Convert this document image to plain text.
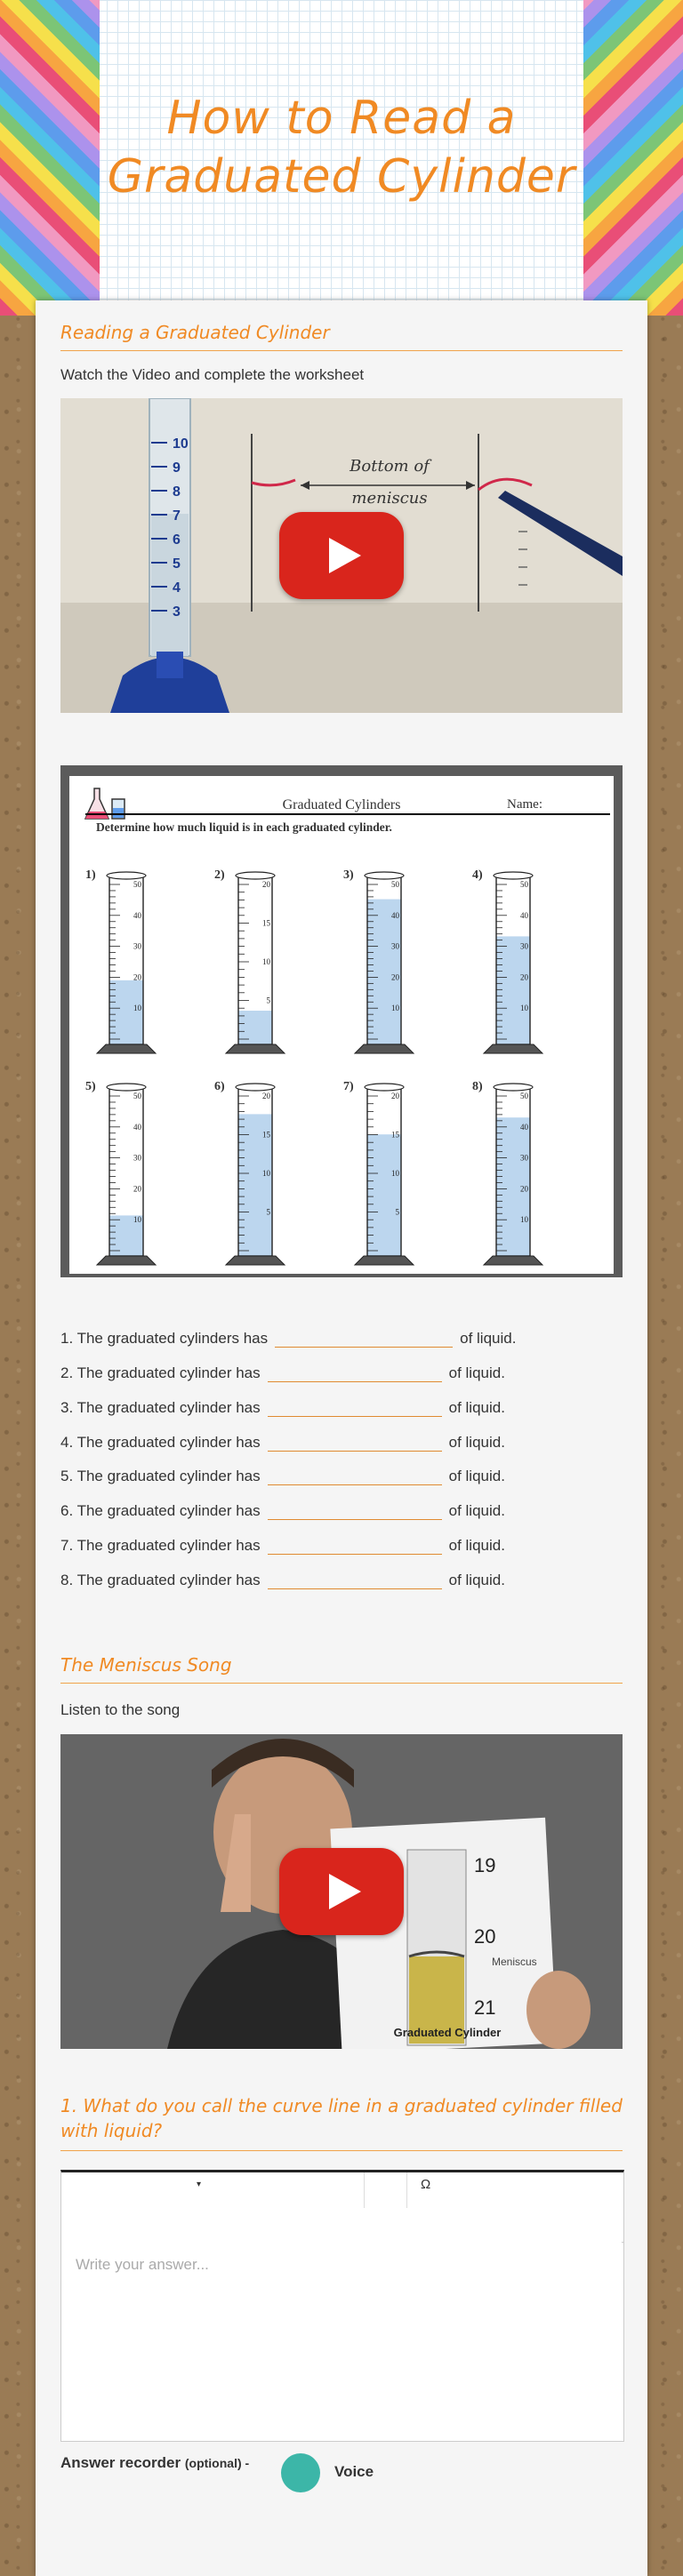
How to Read a
Graduated Cylinder
Reading a Graduated Cylinder
Watch the Video and complete the worksheet
10
9
8
7
6
5
4
3
Bottom of
meniscus
Graduated Cylinders	Name:
Determine how much liquid is in each graduated cylinder.
1)	2)	3)	4)
5)	6)	7)	8)
50
40
30
20
10
20
15
10
5
50
40
30
20
10
50
40
30
20
10
50
40
30
20
10
20
15
10
5
20
15
10
5
50
40
30
20
10
1. The graduated cylinders has	of liquid.
2. The graduated cylinder has	of liquid.
3. The graduated cylinder has	of liquid.
4. The graduated cylinder has	of liquid.
5. The graduated cylinder has	of liquid.
6. The graduated cylinder has	of liquid.
7. The graduated cylinder has	of liquid.
8. The graduated cylinder has	of liquid.
The Meniscus Song
Listen to the song
19
20
21
Meniscus
Graduated Cylinder
1. What do you call the curve line in a graduated cylinder filled with liquid?
▾	Ω
Write your answer...
Answer recorder (optional) -	Voice
